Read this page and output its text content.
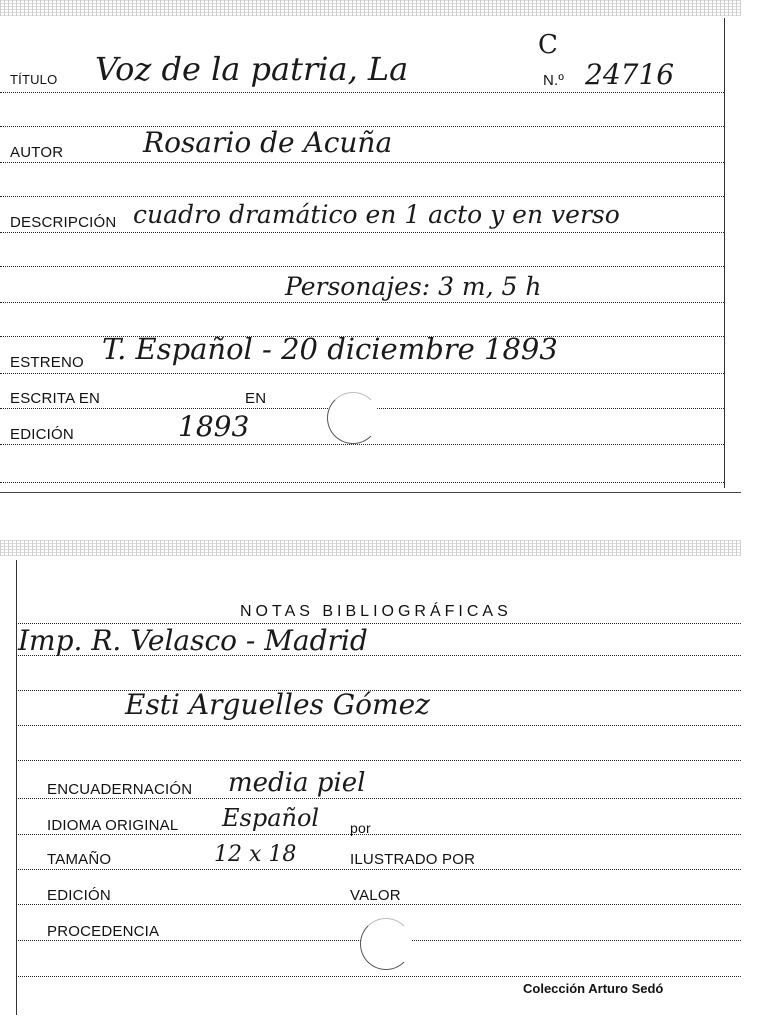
C
TÍTULO Voz de la patria, La	N.º 24716
AUTOR	Rosario de Acuña
DESCRIPCIÓN cuadro dramático en 1 acto y en verso
Personajes: 3 m, 5 h
ESTRENO T. Español - 20 diciembre 1893
ESCRITA EN	EN
EDICIÓN	1893
NOTAS BIBLIOGRÁFICAS
Imp. R. Velasco - Madrid
Esti Arguelles Gómez
ENCUADERNACIÓN media piel
IDIOMA ORIGINAL Español por
TAMAÑO	12 x 18	ILUSTRADO POR
EDICIÓN	VALOR
PROCEDENCIA
Colección Arturo Sedó
